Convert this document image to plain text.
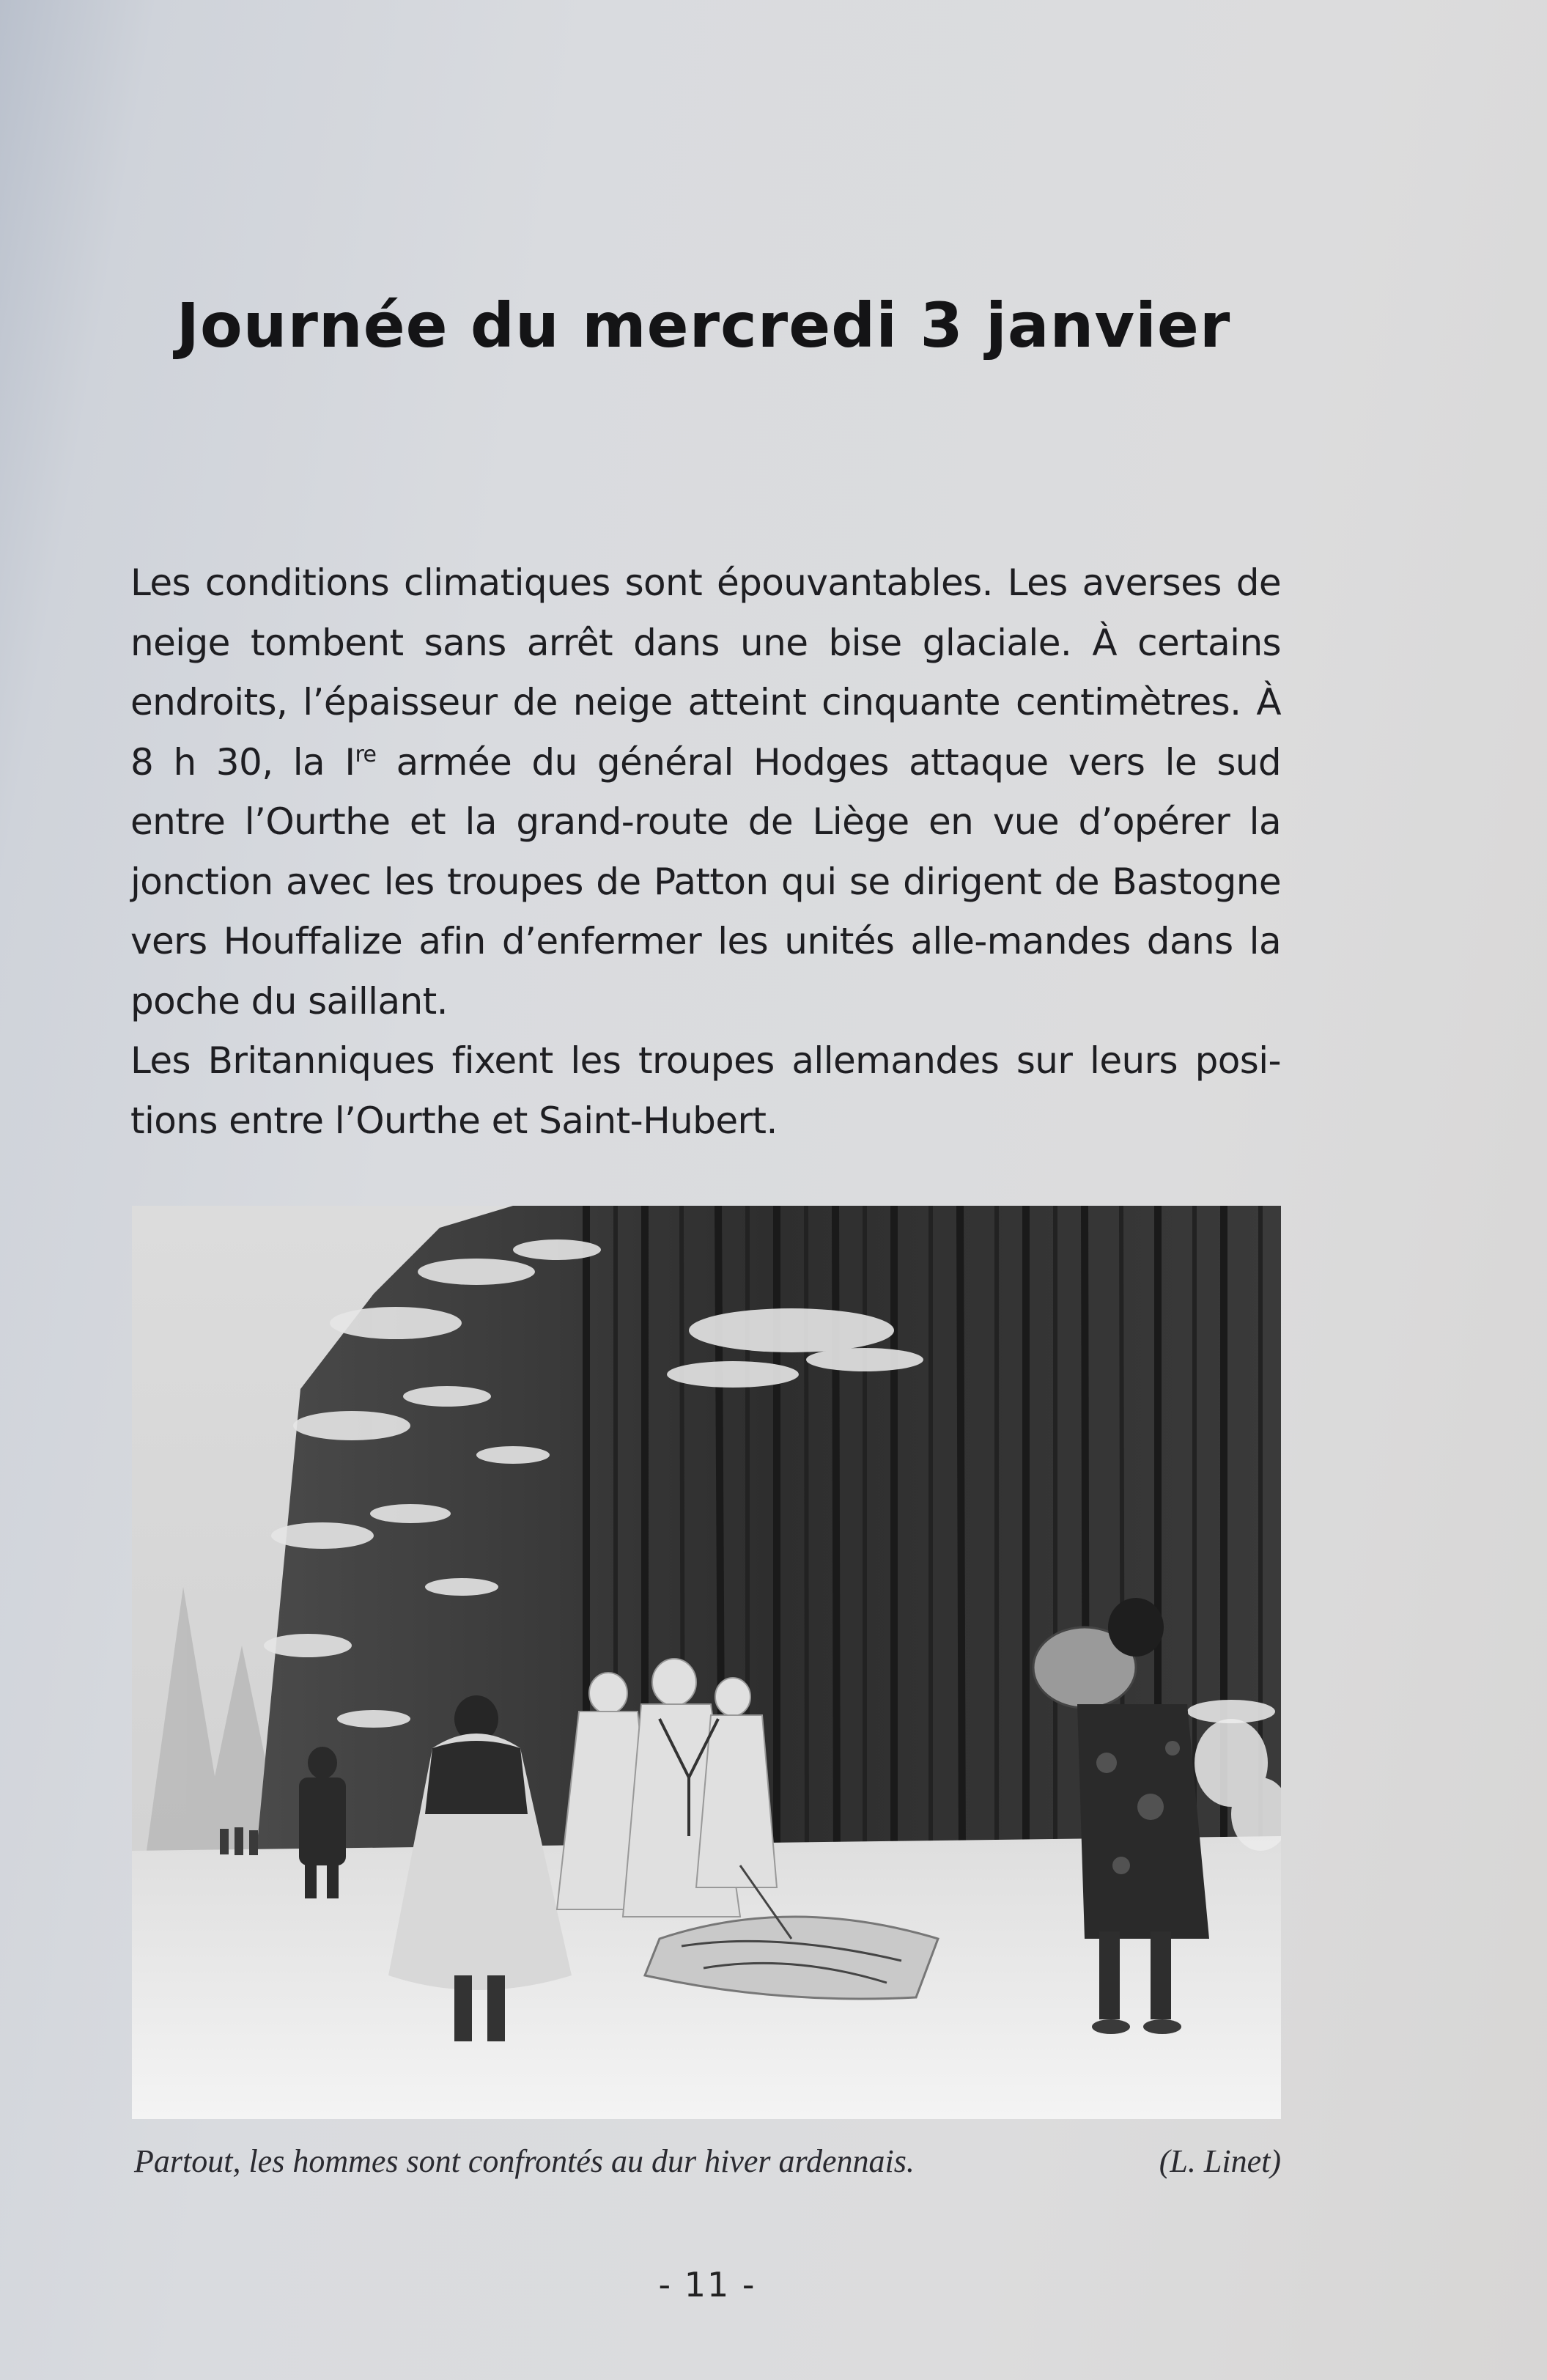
Journée du mercredi 3 janvier

Les conditions climatiques sont épouvantables. Les averses de neige tombent sans arrêt dans une bise glaciale. À certains endroits, l’épaisseur de neige atteint cinquante centimètres. À 8 h 30, la Ire armée du général Hodges attaque vers le sud entre l’Ourthe et la grand-route de Liège en vue d’opérer la jonction avec les troupes de Patton qui se dirigent de Bastogne vers Houffalize afin d’enfermer les unités alle-mandes dans la poche du saillant.

Les Britanniques fixent les troupes allemandes sur leurs posi-tions entre l’Ourthe et Saint-Hubert.

Partout, les hommes sont confrontés au dur hiver ardennais.	(L. Linet)
- 11 -
